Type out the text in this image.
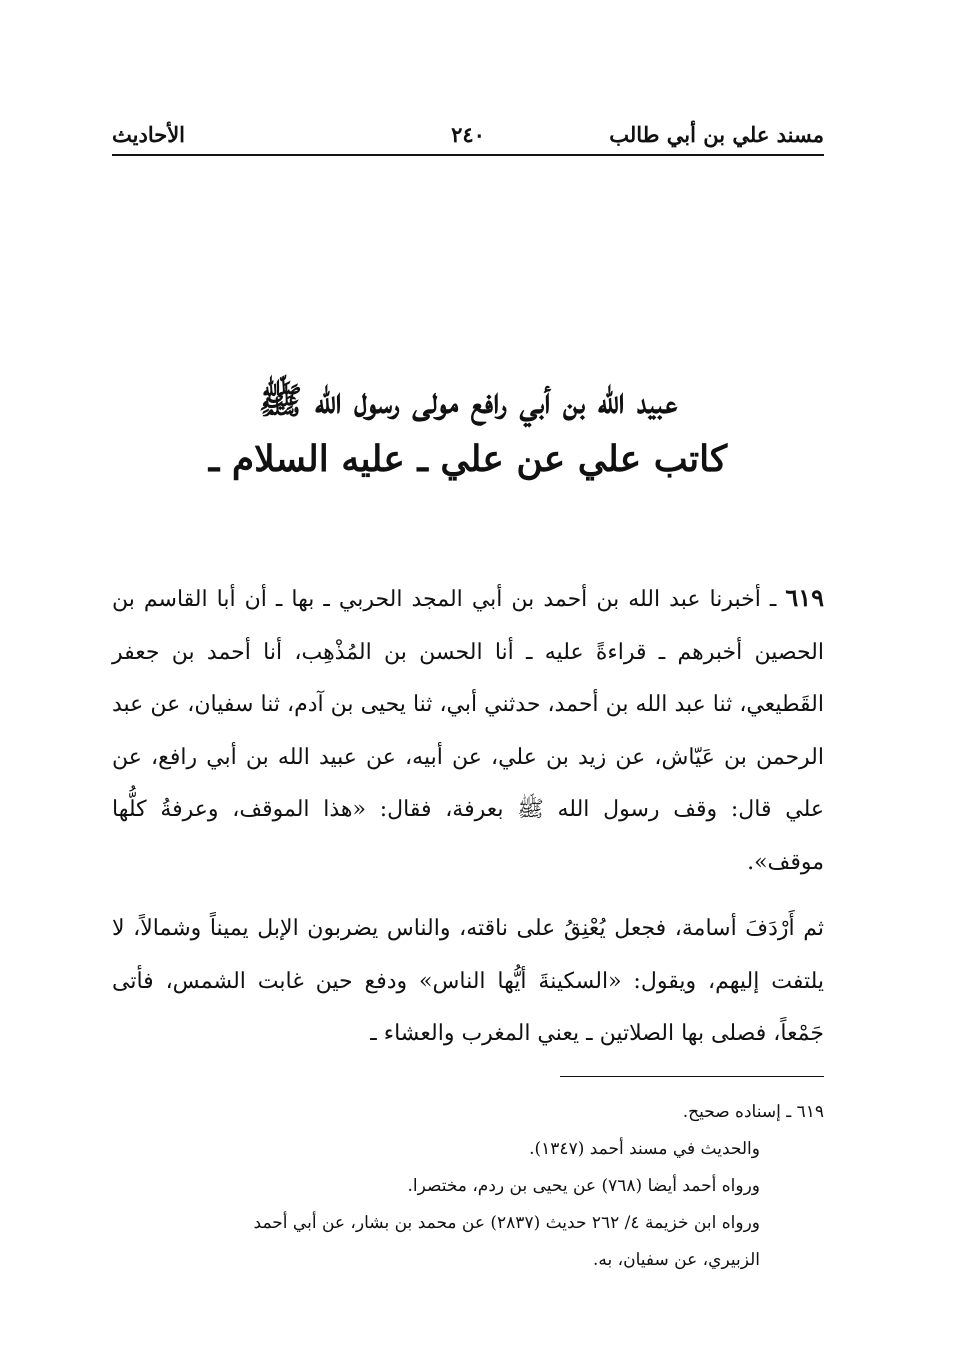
مسند علي بن أبي طالب
٢٤٠
الأحاديث
عبيد الله بن أبي رافع مولى رسول الله ﷺ
كاتب علي عن علي ـ عليه السلام ـ

٦١٩ ـ أخبرنا عبد الله بن أحمد بن أبي المجد الحربي ـ بها ـ أن أبا القاسم بن الحصين أخبرهم ـ قراءةً عليه ـ أنا الحسن بن المُذْهِب، أنا أحمد بن جعفر القَطيعي، ثنا عبد الله بن أحمد، حدثني أبي، ثنا يحيى بن آدم، ثنا سفيان، عن عبد الرحمن بن عَيّاش، عن زيد بن علي، عن أبيه، عن عبيد الله بن أبي رافع، عن علي قال: وقف رسول الله ﷺ بعرفة، فقال: «هذا الموقف، وعرفةُ كلُّها موقف».

ثم أَرْدَفَ أسامة، فجعل يُعْنِقُ على ناقته، والناس يضربون الإبل يميناً وشمالاً، لا يلتفت إليهم، ويقول: «السكينةَ أيُّها الناس» ودفع حين غابت الشمس، فأتى جَمْعاً، فصلى بها الصلاتين ـ يعني المغرب والعشاء ـ

٦١٩ ـ إسناده صحيح.
والحديث في مسند أحمد (١٣٤٧).
ورواه أحمد أيضا (٧٦٨) عن يحيى بن ردم، مختصرا.
ورواه ابن خزيمة ٤/ ٢٦٢ حديث (٢٨٣٧) عن محمد بن بشار، عن أبي أحمد
الزبيري، عن سفيان، به.
